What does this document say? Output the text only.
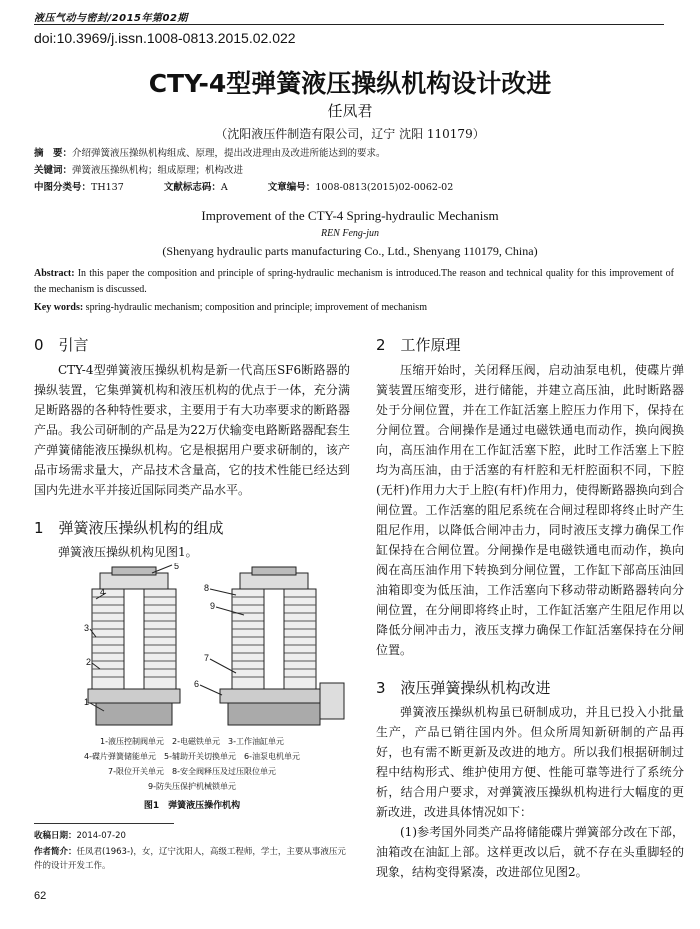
液压气动与密封/2015年第02期
doi:10.3969/j.issn.1008-0813.2015.02.022
CTY-4型弹簧液压操纵机构设计改进
任凤君
（沈阳液压件制造有限公司，辽宁 沈阳 110179）
摘　要：介绍弹簧液压操纵机构组成、原理，提出改进理由及改进所能达到的要求。
关键词：弹簧液压操纵机构；组成原理；机构改进
中图分类号：TH137	文献标志码：A	文章编号：1008-0813(2015)02-0062-02
Improvement of the CTY-4 Spring-hydraulic Mechanism
REN Feng-jun
(Shenyang hydraulic parts manufacturing Co., Ltd., Shenyang 110179, China)
Abstract: In this paper the composition and principle of spring-hydraulic mechanism is introduced.The reason and technical quality for this improvement of the mechanism is discussed.
Key words: spring-hydraulic mechanism; composition and principle; improvement of mechanism
0　引言
CTY-4型弹簧液压操纵机构是新一代高压SF6断路器的操纵装置，它集弹簧机构和液压机构的优点于一体，充分满足断路器的各种特性要求，主要用于有大功率要求的断路器产品。我公司研制的产品是为22万伏输变电路断路器配套生产弹簧储能液压操纵机构。它是根据用户要求研制的，该产品市场需求量大，产品技术含量高，它的技术性能已经达到国内先进水平并接近国际同类产品水平。
1　弹簧液压操纵机构的组成
弹簧液压操纵机构见图1。
5
4
3
2
1
8
9
7
6
1-液压控制阀单元　2-电磁铁单元　3-工作油缸单元
4-碟片弹簧储能单元　5-辅助开关切换单元　6-油泵电机单元
7-限位开关单元　8-安全阀释压及过压限位单元
9-防失压保护机械锁单元
图1　弹簧液压操作机构
收稿日期：2014-07-20
作者简介：任凤君(1963-)，女，辽宁沈阳人，高级工程师，学士，主要从事液压元件的设计开发工作。
62
2　工作原理
压缩开始时，关闭释压阀，启动油泵电机，使碟片弹簧装置压缩变形，进行储能，并建立高压油，此时断路器处于分闸位置，并在工作缸活塞上腔压力作用下，保持在分闸位置。合闸操作是通过电磁铁通电而动作，换向阀换向，高压油作用在工作缸活塞下腔，此时工作活塞上下腔均为高压油，由于活塞的有杆腔和无杆腔面积不同，下腔(无杆)作用力大于上腔(有杆)作用力，使得断路器换向到合闸位置。工作活塞的阻尼系统在合闸过程即将终止时产生阻尼作用，以降低合闸冲击力，同时液压支撑力确保工作缸保持在合闸位置。分闸操作是电磁铁通电而动作，换向阀在高压油作用下转换到分闸位置，工作缸下部高压油回油箱即变为低压油，工作活塞向下移动带动断路器转向分闸位置，在分闸即将终止时，工作缸活塞产生阻尼作用以降低分闸冲击力，液压支撑力确保工作缸活塞保持在分闸位置。
3　液压弹簧操纵机构改进
弹簧液压操纵机构虽已研制成功，并且已投入小批量生产，产品已销往国内外。但众所周知新研制的产品再好，也有需不断更新及改进的地方。所以我们根据研制过程中结构形式、维护使用方便、性能可靠等进行了系统分析，结合用户要求，对弹簧液压操纵机构进行大幅度的更新改进，改进具体情况如下：
(1)参考国外同类产品将储能碟片弹簧部分改在下部，油箱改在油缸上部。这样更改以后，就不存在头重脚轻的现象，结构变得紧凑，改进部位见图2。
